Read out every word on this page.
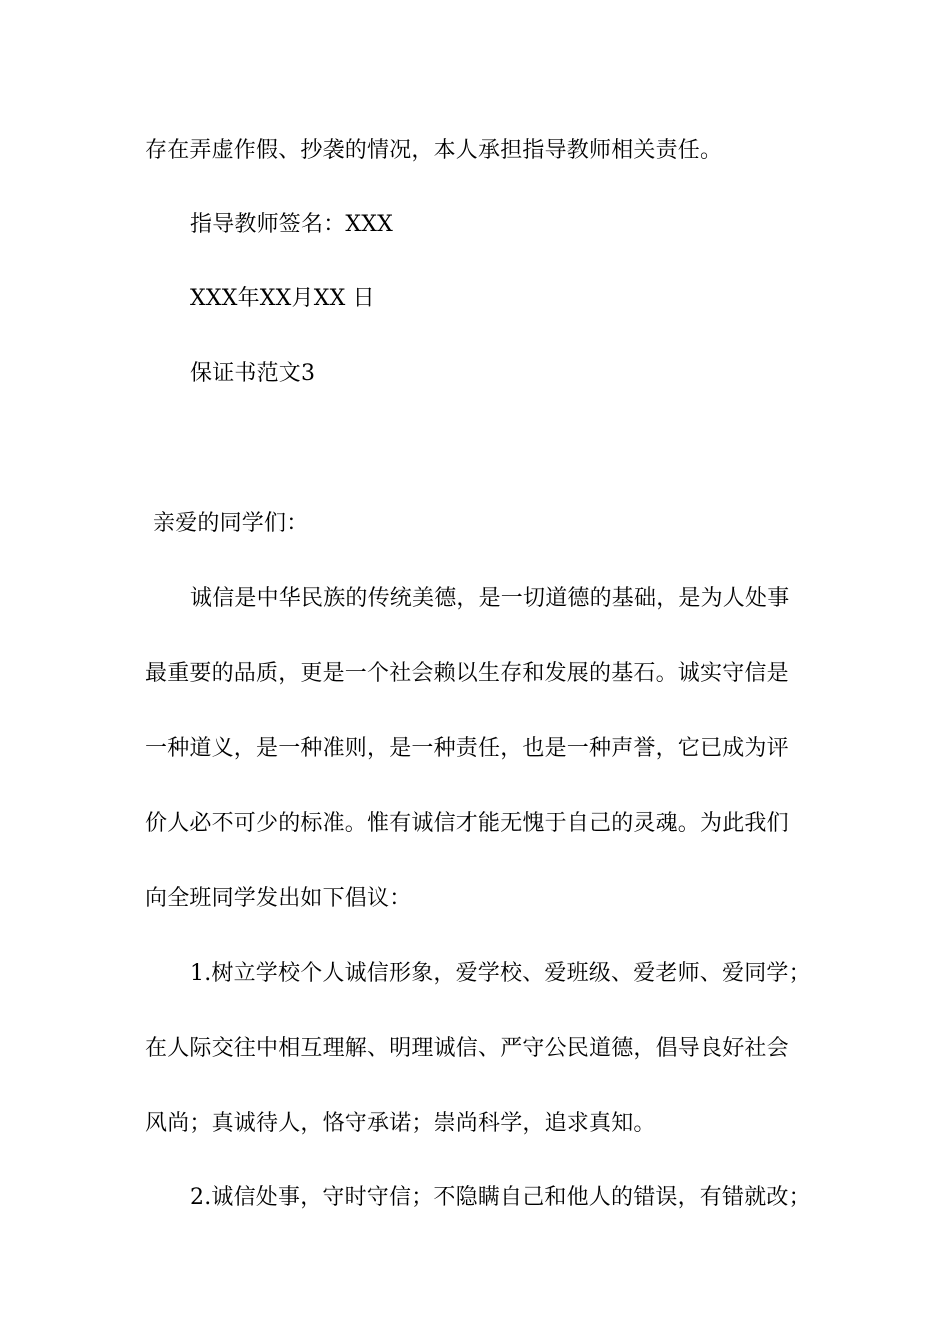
存在弄虚作假、抄袭的情况，本人承担指导教师相关责任。
指导教师签名：XXX
XXX年XX月XX 日
保证书范文3
亲爱的同学们：
诚信是中华民族的传统美德，是一切道德的基础，是为人处事
最重要的品质，更是一个社会赖以生存和发展的基石。诚实守信是
一种道义，是一种准则，是一种责任，也是一种声誉，它已成为评
价人必不可少的标准。惟有诚信才能无愧于自己的灵魂。为此我们
向全班同学发出如下倡议：
1.树立学校个人诚信形象，爱学校、爱班级、爱老师、爱同学；
在人际交往中相互理解、明理诚信、严守公民道德，倡导良好社会
风尚；真诚待人，恪守承诺；崇尚科学，追求真知。
2.诚信处事，守时守信；不隐瞒自己和他人的错误，有错就改；
